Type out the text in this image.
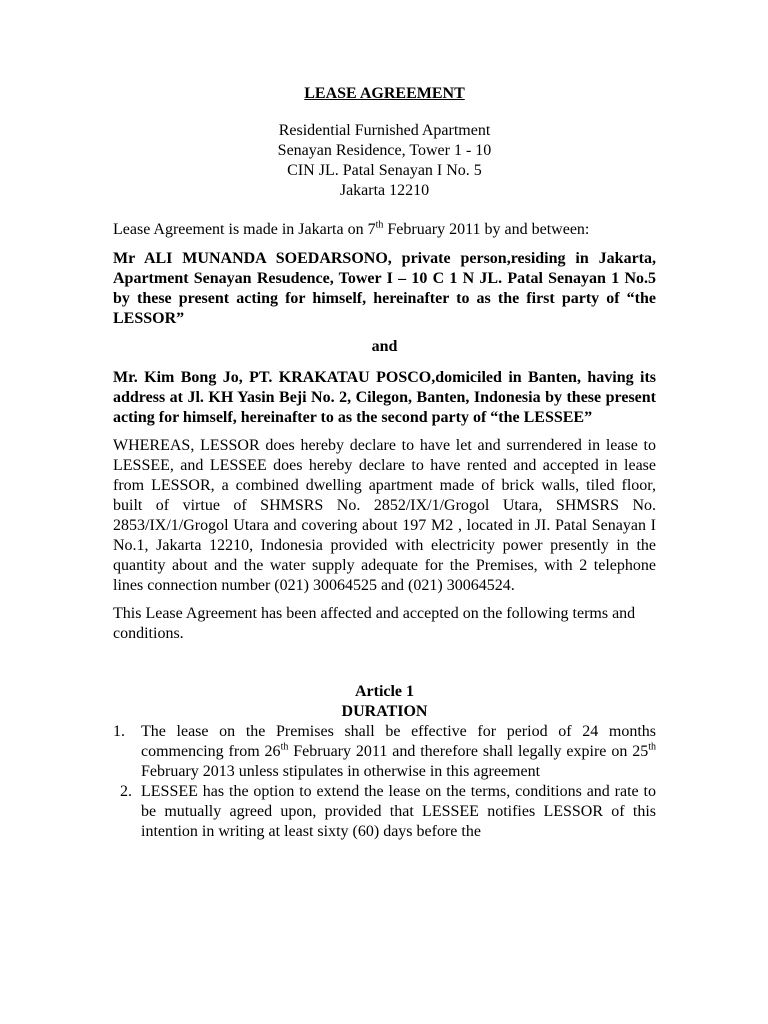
LEASE AGREEMENT
Residential Furnished Apartment
Senayan Residence, Tower 1 - 10
CIN JL. Patal Senayan I No. 5
Jakarta 12210
Lease Agreement is made in Jakarta on 7th February 2011 by and between:
Mr ALI MUNANDA SOEDARSONO, private person,residing in Jakarta, Apartment Senayan Resudence, Tower I – 10 C 1 N JL. Patal Senayan 1 No.5 by these present acting for himself, hereinafter to as the first party of “the LESSOR”
and
Mr. Kim Bong Jo, PT. KRAKATAU POSCO,domiciled in Banten, having its address at Jl. KH Yasin Beji No. 2, Cilegon, Banten, Indonesia by these present acting for himself, hereinafter to as the second party of “the LESSEE”
WHEREAS, LESSOR does hereby declare to have let and surrendered in lease to LESSEE, and LESSEE does hereby declare to have rented and accepted in lease from LESSOR, a combined dwelling apartment made of brick walls, tiled floor, built of virtue of SHMSRS No. 2852/IX/1/Grogol Utara, SHMSRS No. 2853/IX/1/Grogol Utara and covering about 197 M2 , located in JI. Patal Senayan I No.1, Jakarta 12210, Indonesia provided with electricity power presently in the quantity about and the water supply adequate for the Premises, with 2 telephone lines connection number (021) 30064525 and (021) 30064524.
This Lease Agreement has been affected and accepted on the following terms and conditions.
Article 1
DURATION
1. The lease on the Premises shall be effective for period of 24 months commencing from 26th February 2011 and therefore shall legally expire on 25th February 2013 unless stipulates in otherwise in this agreement
2. LESSEE has the option to extend the lease on the terms, conditions and rate to be mutually agreed upon, provided that LESSEE notifies LESSOR of this intention in writing at least sixty (60) days before the
